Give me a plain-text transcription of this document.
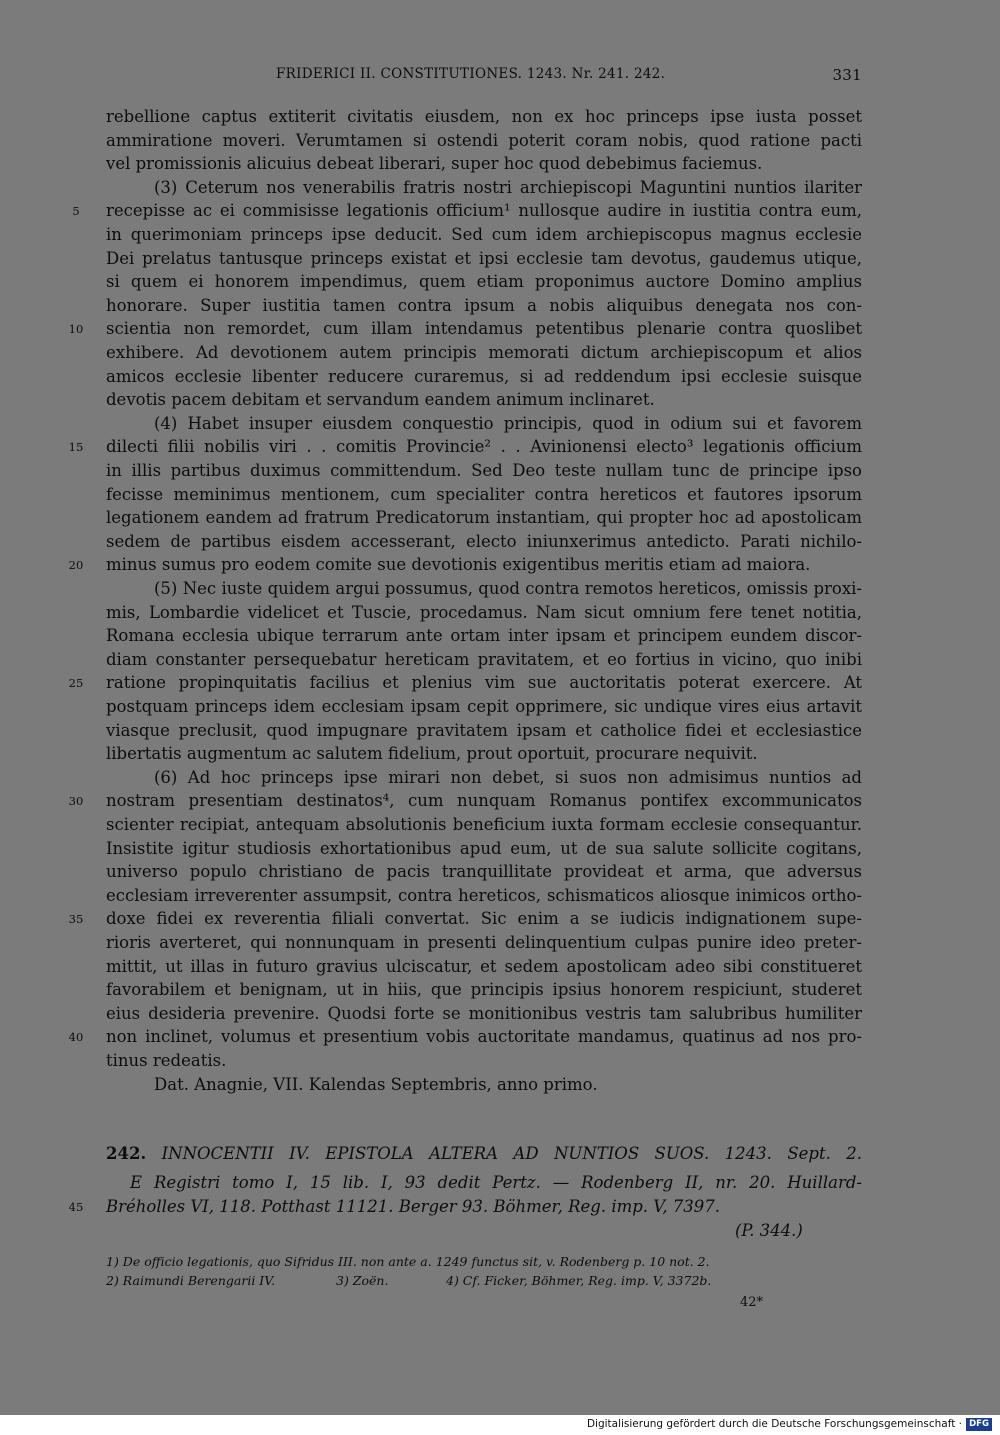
FRIDERICI II. CONSTITUTIONES. 1243. Nr. 241. 242.	331
rebellione captus extiterit civitatis eiusdem, non ex hoc princeps ipse iusta posset
ammiratione moveri. Verumtamen si ostendi poterit coram nobis, quod ratione pacti
vel promissionis alicuius debeat liberari, super hoc quod debebimus faciemus.
(3) Ceterum nos venerabilis fratris nostri archiepiscopi Maguntini nuntios ilariter
recepisse ac ei commisisse legationis officium¹ nullosque audire in iustitia contra eum,
5
in querimoniam princeps ipse deducit. Sed cum idem archiepiscopus magnus ecclesie
Dei prelatus tantusque princeps existat et ipsi ecclesie tam devotus, gaudemus utique,
si quem ei honorem impendimus, quem etiam proponimus auctore Domino amplius
honorare. Super iustitia tamen contra ipsum a nobis aliquibus denegata nos con-
scientia non remordet, cum illam intendamus petentibus plenarie contra quoslibet
10
exhibere. Ad devotionem autem principis memorati dictum archiepiscopum et alios
amicos ecclesie libenter reducere curaremus, si ad reddendum ipsi ecclesie suisque
devotis pacem debitam et servandum eandem animum inclinaret.
(4) Habet insuper eiusdem conquestio principis, quod in odium sui et favorem
dilecti filii nobilis viri . . comitis Provincie² . . Avinionensi electo³ legationis officium
15
in illis partibus duximus committendum. Sed Deo teste nullam tunc de principe ipso
fecisse meminimus mentionem, cum specialiter contra hereticos et fautores ipsorum
legationem eandem ad fratrum Predicatorum instantiam, qui propter hoc ad apostolicam
sedem de partibus eisdem accesserant, electo iniunxerimus antedicto. Parati nichilo-
minus sumus pro eodem comite sue devotionis exigentibus meritis etiam ad maiora.
20
(5) Nec iuste quidem argui possumus, quod contra remotos hereticos, omissis proxi-
mis, Lombardie videlicet et Tuscie, procedamus. Nam sicut omnium fere tenet notitia,
Romana ecclesia ubique terrarum ante ortam inter ipsam et principem eundem discor-
diam constanter persequebatur hereticam pravitatem, et eo fortius in vicino, quo inibi
ratione propinquitatis facilius et plenius vim sue auctoritatis poterat exercere. At
25
postquam princeps idem ecclesiam ipsam cepit opprimere, sic undique vires eius artavit
viasque preclusit, quod impugnare pravitatem ipsam et catholice fidei et ecclesiastice
libertatis augmentum ac salutem fidelium, prout oportuit, procurare nequivit.
(6) Ad hoc princeps ipse mirari non debet, si suos non admisimus nuntios ad
nostram presentiam destinatos⁴, cum nunquam Romanus pontifex excommunicatos
30
scienter recipiat, antequam absolutionis beneficium iuxta formam ecclesie consequantur.
Insistite igitur studiosis exhortationibus apud eum, ut de sua salute sollicite cogitans,
universo populo christiano de pacis tranquillitate provideat et arma, que adversus
ecclesiam irreverenter assumpsit, contra hereticos, schismaticos aliosque inimicos ortho-
doxe fidei ex reverentia filiali convertat. Sic enim a se iudicis indignationem supe-
35
rioris averteret, qui nonnunquam in presenti delinquentium culpas punire ideo preter-
mittit, ut illas in futuro gravius ulciscatur, et sedem apostolicam adeo sibi constitueret
favorabilem et benignam, ut in hiis, que principis ipsius honorem respiciunt, studeret
eius desideria prevenire. Quodsi forte se monitionibus vestris tam salubribus humiliter
non inclinet, volumus et presentium vobis auctoritate mandamus, quatinus ad nos pro-
40
tinus redeatis.
Dat. Anagnie, VII. Kalendas Septembris, anno primo.
242. INNOCENTII IV. EPISTOLA ALTERA AD NUNTIOS SUOS. 1243. Sept. 2.
E Registri tomo I, 15 lib. I, 93 dedit Pertz. — Rodenberg II, nr. 20. Huillard-
45	Bréholles VI, 118. Potthast 11121. Berger 93. Böhmer, Reg. imp. V, 7397.
(P. 344.)
1) De officio legationis, quo Sifridus III. non ante a. 1249 functus sit, v. Rodenberg p. 10 not. 2.
2) Raimundi Berengarii IV.	3) Zoën.	4) Cf. Ficker, Böhmer, Reg. imp. V, 3372b.
42*
Digitalisierung gefördert durch die Deutsche Forschungsgemeinschaft · DFG
